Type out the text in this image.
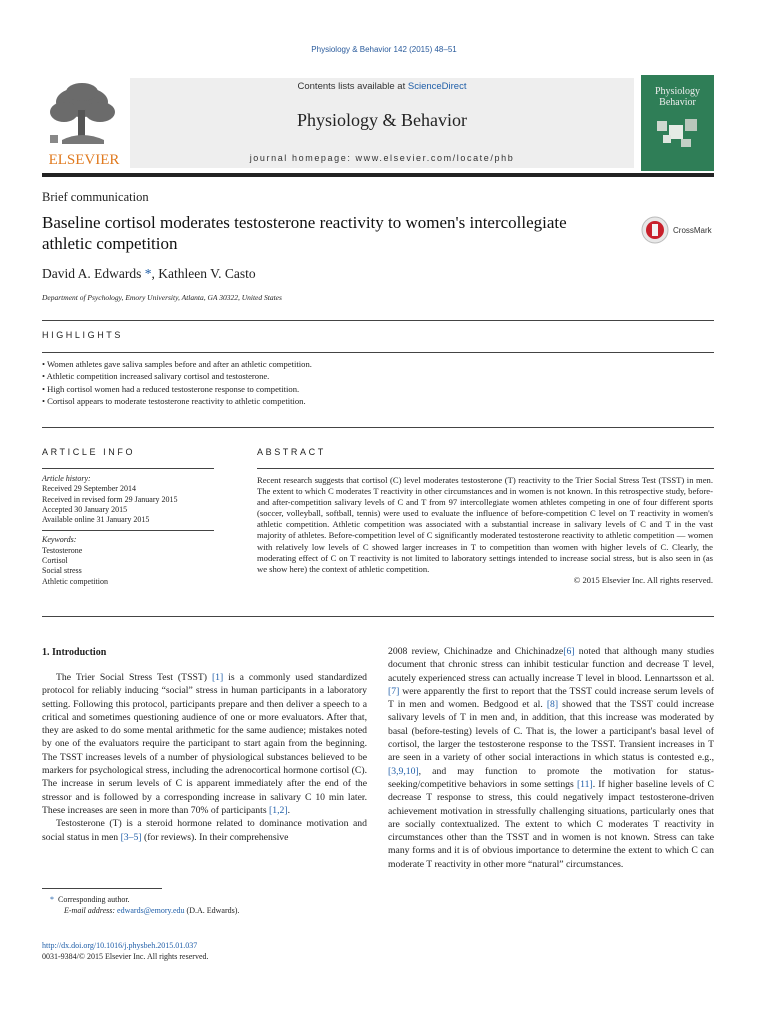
Physiology & Behavior 142 (2015) 48–51
ELSEVIER
Contents lists available at ScienceDirect
Physiology & Behavior
journal homepage: www.elsevier.com/locate/phb
Physiology
Behavior
Brief communication
Baseline cortisol moderates testosterone reactivity to women's intercollegiate athletic competition
CrossMark
David A. Edwards *, Kathleen V. Casto
Department of Psychology, Emory University, Atlanta, GA 30322, United States
HIGHLIGHTS
• Women athletes gave saliva samples before and after an athletic competition.
• Athletic competition increased salivary cortisol and testosterone.
• High cortisol women had a reduced testosterone response to competition.
• Cortisol appears to moderate testosterone reactivity to athletic competition.
ARTICLE INFO
Article history:
Received 29 September 2014
Received in revised form 29 January 2015
Accepted 30 January 2015
Available online 31 January 2015
Keywords:
Testosterone
Cortisol
Social stress
Athletic competition
ABSTRACT
Recent research suggests that cortisol (C) level moderates testosterone (T) reactivity to the Trier Social Stress Test (TSST) in men. The extent to which C moderates T reactivity in other circumstances and in women is not known. In this retrospective study, before- and after-competition salivary levels of C and T from 97 intercollegiate women athletes competing in one of four different sports (soccer, volleyball, softball, tennis) were used to evaluate the influence of before-competition C level on T reactivity in women's athletic competition. Athletic competition was associated with a substantial increase in salivary levels of C and T in the vast majority of athletes. Before-competition level of C significantly moderated testosterone reactivity to athletic competition — women with relatively low levels of C showed larger increases in T to competition than women with higher levels of C. Clearly, the moderating effect of C on T reactivity is not limited to laboratory settings intended to increase social stress, but is also seen in (as we show here) the context of athletic competition.
© 2015 Elsevier Inc. All rights reserved.
1. Introduction

The Trier Social Stress Test (TSST) [1] is a commonly used standardized protocol for reliably inducing “social” stress in human participants in a laboratory setting. Following this protocol, participants prepare and then deliver a speech to a critical and sometimes questioning audience of one or more evaluators. After that, they are asked to do some mental arithmetic for the same audience; mistakes noted by one of the evaluators require the participant to start again from the beginning. The TSST increases levels of a number of physiological substances believed to be markers for psychological stress, including the adrenocortical hormone cortisol (C). The increase in serum levels of C is apparent immediately after the end of the stressor and is followed by a corresponding increase in salivary C 10 min later. These increases are seen in more than 70% of participants [1,2].

Testosterone (T) is a steroid hormone related to dominance motivation and social status in men [3–5] (for reviews). In their comprehensive

2008 review, Chichinadze and Chichinadze[6] noted that although many studies document that chronic stress can inhibit testicular function and decrease T level, acutely experienced stress can actually increase T level in blood. Lennartsson et al. [7] were apparently the first to report that the TSST could increase serum levels of T in men and women. Bedgood et al. [8] showed that the TSST could increase salivary levels of T in men and, in addition, that this increase was moderated by basal (before-testing) levels of C. That is, the lower a participant's basal level of cortisol, the larger the testosterone response to the TSST. Transient increases in T are seen in a variety of other social interactions in which status is contested e.g., [3,9,10], and may function to promote the motivation for status-seeking/competitive behaviors in some settings [11]. If higher baseline levels of C decrease T response to stress, this could negatively impact testosterone-driven achievement motivation in stressfully challenging situations, particularly ones that are socially contextualized. The extent to which C moderates T reactivity in circumstances other than the TSST and in women is not known. Stress can take many forms and it is of obvious importance to determine the extent to which C can moderate T reactivity in other more “natural” circumstances.

* Corresponding author.
E-mail address: edwards@emory.edu (D.A. Edwards).
http://dx.doi.org/10.1016/j.physbeh.2015.01.037
0031-9384/© 2015 Elsevier Inc. All rights reserved.
